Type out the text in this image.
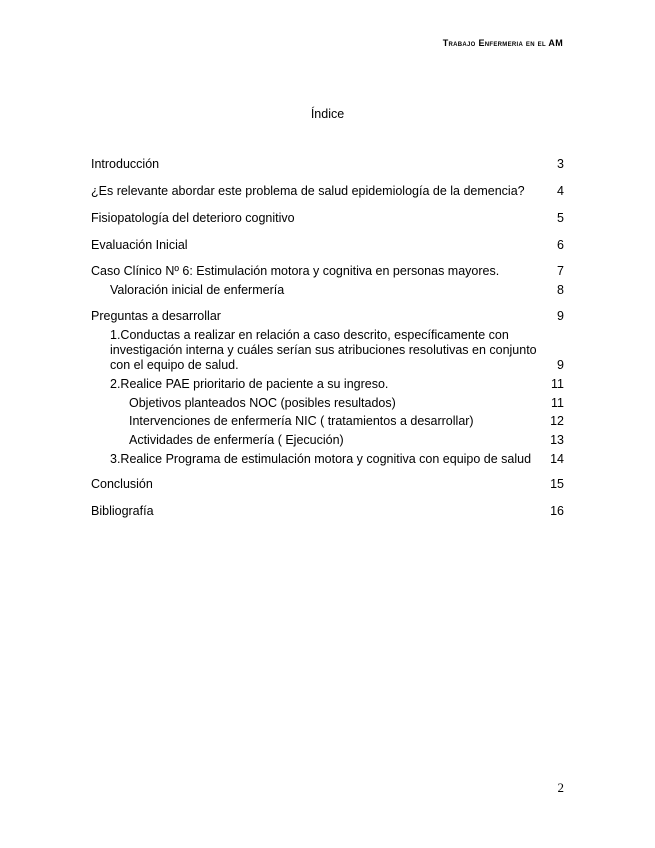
Trabajo Enfermeria en el AM
Índice
Introducción	3
¿Es relevante abordar este problema de salud epidemiología de la demencia?	4
Fisiopatología del deterioro cognitivo	5
Evaluación Inicial	6
Caso Clínico Nº 6: Estimulación motora y cognitiva en personas mayores.	7
Valoración inicial de enfermería	8
Preguntas a desarrollar	9
1.Conductas a realizar en relación a caso descrito, específicamente con investigación interna y cuáles serían sus atribuciones resolutivas en conjunto con el equipo de salud.	9
2.Realice PAE prioritario de paciente a su ingreso.	11
Objetivos planteados NOC (posibles resultados)	11
Intervenciones de enfermería NIC ( tratamientos a desarrollar)	12
Actividades de enfermería ( Ejecución)	13
3.Realice Programa de estimulación motora y cognitiva con equipo de salud	14
Conclusión	15
Bibliografía	16
2
